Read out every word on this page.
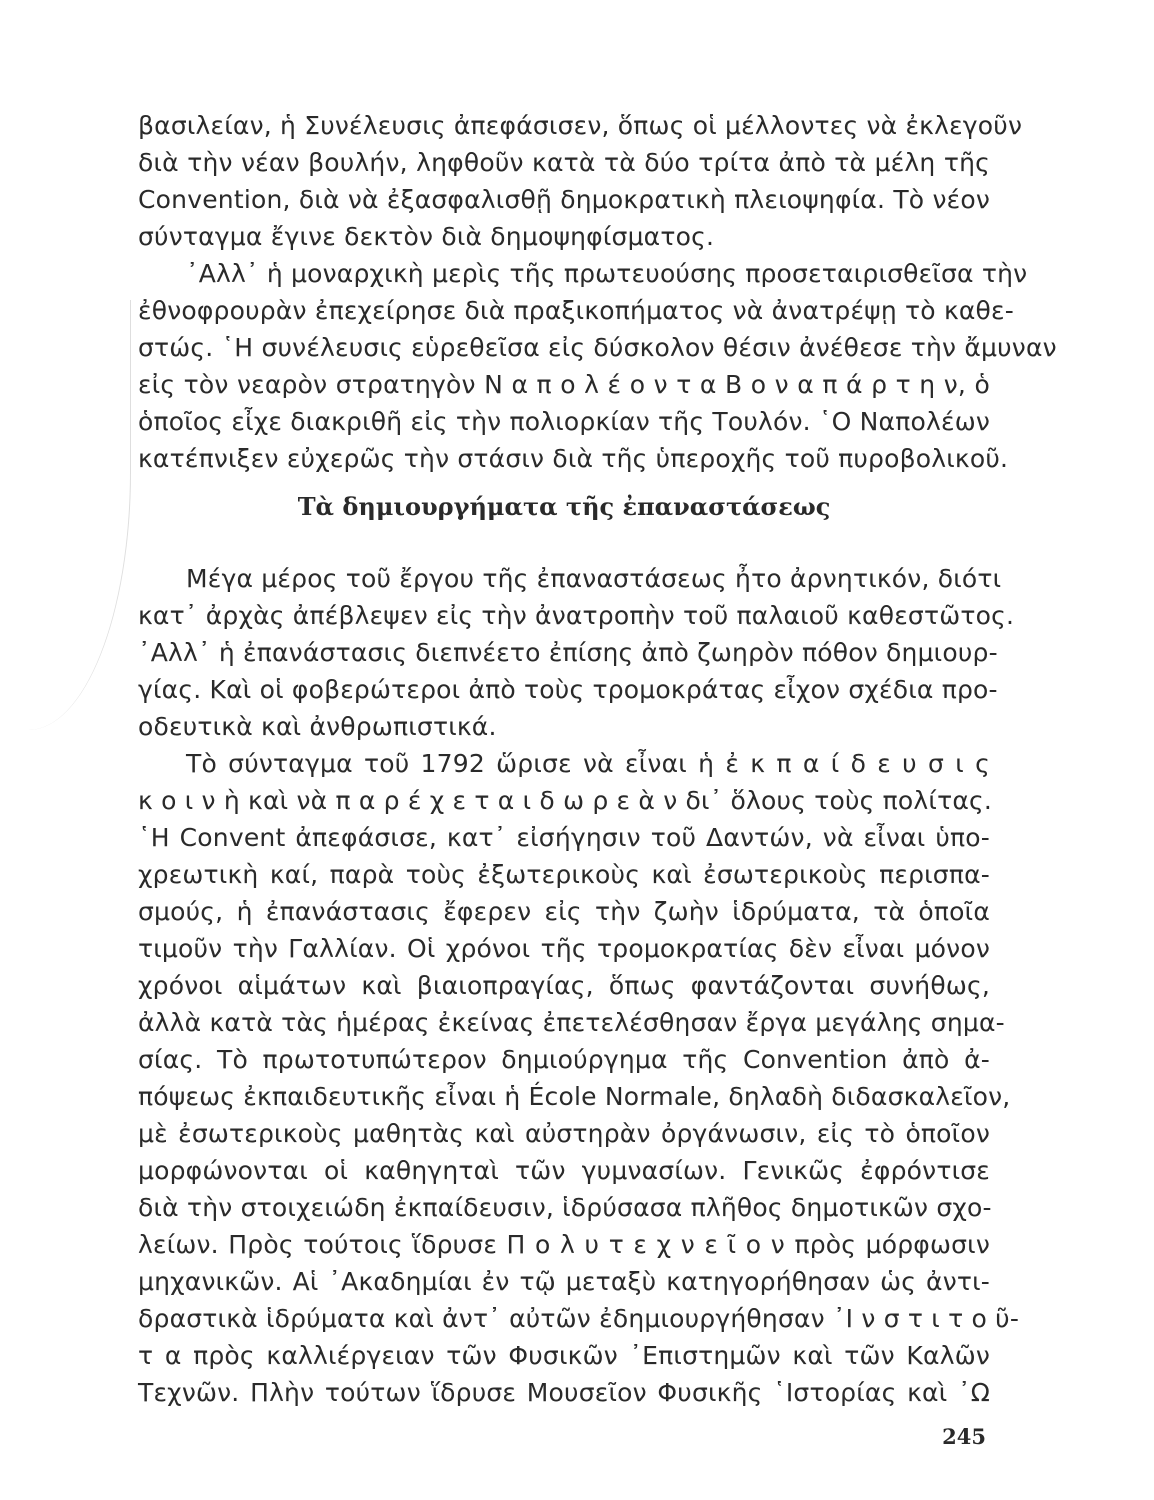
βασιλείαν, ἡ Συνέλευσις ἀπεφάσισεν, ὅπως οἱ μέλλοντες νὰ ἐκλεγοῦν
διὰ τὴν νέαν βουλήν, ληφθοῦν κατὰ τὰ δύο τρίτα ἀπὸ τὰ μέλη τῆς
Convention, διὰ νὰ ἐξασφαλισθῇ δημοκρατικὴ πλειοψηφία. Τὸ νέον
σύνταγμα ἔγινε δεκτὸν διὰ δημοψηφίσματος.
᾿Αλλ᾿ ἡ μοναρχικὴ μερὶς τῆς πρωτευούσης προσεταιρισθεῖσα τὴν
ἐθνοφρουρὰν ἐπεχείρησε διὰ πραξικοπήματος νὰ ἀνατρέψῃ τὸ καθε-
στώς. ῾Η συνέλευσις εὑρεθεῖσα εἰς δύσκολον θέσιν ἀνέθεσε τὴν ἄμυναν
εἰς τὸν νεαρὸν στρατηγὸν Ν α π ο λ έ ο ν τ α Β ο ν α π ά ρ τ η ν, ὁ
ὁποῖος εἶχε διακριθῆ εἰς τὴν πολιορκίαν τῆς Τουλόν. ῾Ο Ναπολέων
κατέπνιξεν εὐχερῶς τὴν στάσιν διὰ τῆς ὑπεροχῆς τοῦ πυροβολικοῦ.
Τὰ δημιουργήματα τῆς ἐπαναστάσεως
Μέγα μέρος τοῦ ἔργου τῆς ἐπαναστάσεως ἦτο ἀρνητικόν, διότι
κατ᾿ ἀρχὰς ἀπέβλεψεν εἰς τὴν ἀνατροπὴν τοῦ παλαιοῦ καθεστῶτος.
᾿Αλλ᾿ ἡ ἐπανάστασις διεπνέετο ἐπίσης ἀπὸ ζωηρὸν πόθον δημιουρ-
γίας. Καὶ οἱ φοβερώτεροι ἀπὸ τοὺς τρομοκράτας εἶχον σχέδια προ-
οδευτικὰ καὶ ἀνθρωπιστικά.
Τὸ σύνταγμα τοῦ 1792 ὥρισε νὰ εἶναι ἡ ἐ κ π α ί δ ε υ σ ι ς
κ ο ι ν ὴ καὶ νὰ π α ρ έ χ ε τ α ι δ ω ρ ε ὰ ν δι᾿ ὅλους τοὺς πολίτας.
῾Η Convent ἀπεφάσισε, κατ᾿ εἰσήγησιν τοῦ Δαντών, νὰ εἶναι ὑπο-
χρεωτικὴ καί, παρὰ τοὺς ἐξωτερικοὺς καὶ ἐσωτερικοὺς περισπα-
σμούς, ἡ ἐπανάστασις ἔφερεν εἰς τὴν ζωὴν ἱδρύματα, τὰ ὁποῖα
τιμοῦν τὴν Γαλλίαν. Οἱ χρόνοι τῆς τρομοκρατίας δὲν εἶναι μόνον
χρόνοι αἱμάτων καὶ βιαιοπραγίας, ὅπως φαντάζονται συνήθως,
ἀλλὰ κατὰ τὰς ἡμέρας ἐκείνας ἐπετελέσθησαν ἔργα μεγάλης σημα-
σίας. Τὸ πρωτοτυπώτερον δημιούργημα τῆς Convention ἀπὸ ἀ-
πόψεως ἐκπαιδευτικῆς εἶναι ἡ École Normale, δηλαδὴ διδασκαλεῖον,
μὲ ἐσωτερικοὺς μαθητὰς καὶ αὐστηρὰν ὀργάνωσιν, εἰς τὸ ὁποῖον
μορφώνονται οἱ καθηγηταὶ τῶν γυμνασίων. Γενικῶς ἐφρόντισε
διὰ τὴν στοιχειώδη ἐκπαίδευσιν, ἱδρύσασα πλῆθος δημοτικῶν σχο-
λείων. Πρὸς τούτοις ἵδρυσε Π ο λ υ τ ε χ ν ε ῖ ο ν πρὸς μόρφωσιν
μηχανικῶν. Αἱ ᾿Ακαδημίαι ἐν τῷ μεταξὺ κατηγορήθησαν ὡς ἀντι-
δραστικὰ ἱδρύματα καὶ ἀντ᾿ αὐτῶν ἐδημιουργήθησαν ᾿Ι ν σ τ ι τ ο ῦ-
τ α πρὸς καλλιέργειαν τῶν Φυσικῶν ᾿Επιστημῶν καὶ τῶν Καλῶν
Τεχνῶν. Πλὴν τούτων ἵδρυσε Μουσεῖον Φυσικῆς ῾Ιστορίας καὶ ᾿Ω
245
